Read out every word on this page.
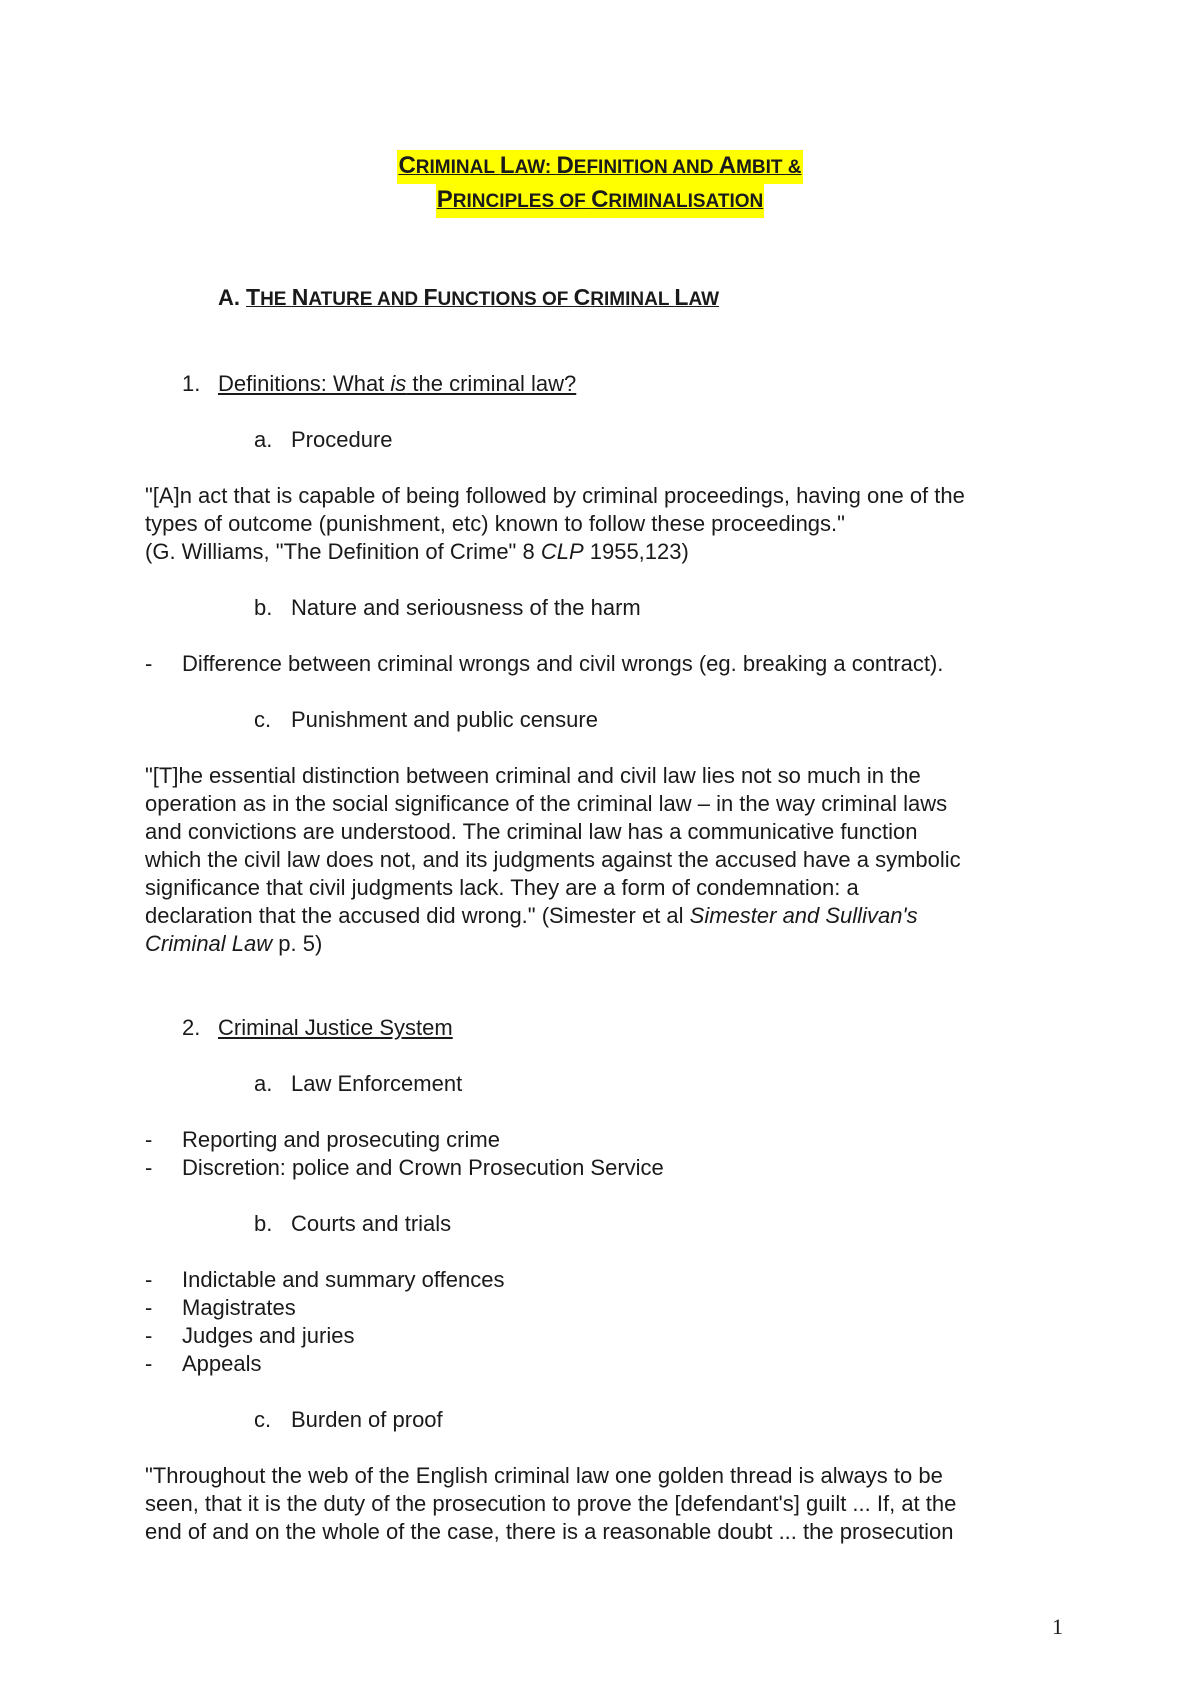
CRIMINAL LAW: DEFINITION AND AMBIT &
PRINCIPLES OF CRIMINALISATION
A. THE NATURE AND FUNCTIONS OF CRIMINAL LAW
1. Definitions: What is the criminal law?
a. Procedure
"[A]n act that is capable of being followed by criminal proceedings, having one of the
types of outcome (punishment, etc) known to follow these proceedings."
(G. Williams, "The Definition of Crime" 8 CLP 1955,123)
b. Nature and seriousness of the harm
- Difference between criminal wrongs and civil wrongs (eg. breaking a contract).
c. Punishment and public censure
"[T]he essential distinction between criminal and civil law lies not so much in the
operation as in the social significance of the criminal law – in the way criminal laws
and convictions are understood. The criminal law has a communicative function
which the civil law does not, and its judgments against the accused have a symbolic
significance that civil judgments lack. They are a form of condemnation: a
declaration that the accused did wrong." (Simester et al Simester and Sullivan's
Criminal Law p. 5)
2. Criminal Justice System
a. Law Enforcement
- Reporting and prosecuting crime
- Discretion: police and Crown Prosecution Service
b. Courts and trials
- Indictable and summary offences
- Magistrates
- Judges and juries
- Appeals
c. Burden of proof
"Throughout the web of the English criminal law one golden thread is always to be
seen, that it is the duty of the prosecution to prove the [defendant's] guilt ... If, at the
end of and on the whole of the case, there is a reasonable doubt ... the prosecution
1
